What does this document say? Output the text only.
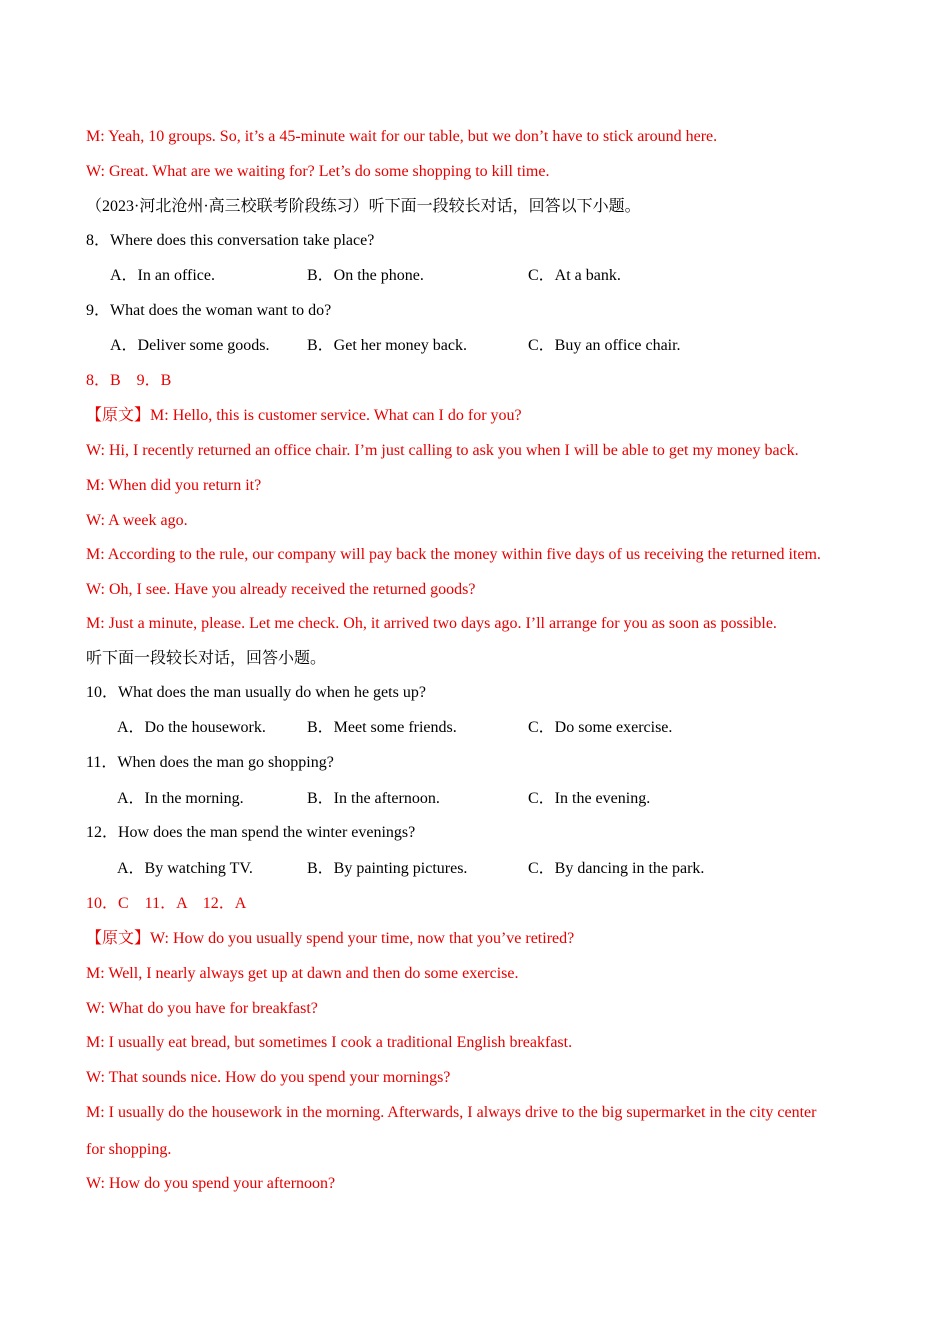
M: Yeah, 10 groups. So, it’s a 45-minute wait for our table, but we don’t have to stick around here.
W: Great. What are we waiting for? Let’s do some shopping to kill time.
（2023·河北沧州·高三校联考阶段练习）听下面一段较长对话，回答以下小题。
8．Where does this conversation take place?
A．In an office.	B．On the phone.	C．At a bank.
9．What does the woman want to do?
A．Deliver some goods. B．Get her money back.	C．Buy an office chair.
8．B　9．B
【原文】M: Hello, this is customer service. What can I do for you?
W: Hi, I recently returned an office chair. I’m just calling to ask you when I will be able to get my money back.
M: When did you return it?
W: A week ago.
M: According to the rule, our company will pay back the money within five days of us receiving the returned item.
W: Oh, I see. Have you already received the returned goods?
M: Just a minute, please. Let me check. Oh, it arrived two days ago. I’ll arrange for you as soon as possible.
听下面一段较长对话，回答小题。
10．What does the man usually do when he gets up?
A．Do the housework.	B．Meet some friends.	C．Do some exercise.
11．When does the man go shopping?
A．In the morning.	B．In the afternoon.	C．In the evening.
12．How does the man spend the winter evenings?
A．By watching TV.	B．By painting pictures.	C．By dancing in the park.
10．C　11．A　12．A
【原文】W: How do you usually spend your time, now that you’ve retired?
M: Well, I nearly always get up at dawn and then do some exercise.
W: What do you have for breakfast?
M: I usually eat bread, but sometimes I cook a traditional English breakfast.
W: That sounds nice. How do you spend your mornings?
M: I usually do the housework in the morning. Afterwards, I always drive to the big supermarket in the city center
for shopping.
W: How do you spend your afternoon?
